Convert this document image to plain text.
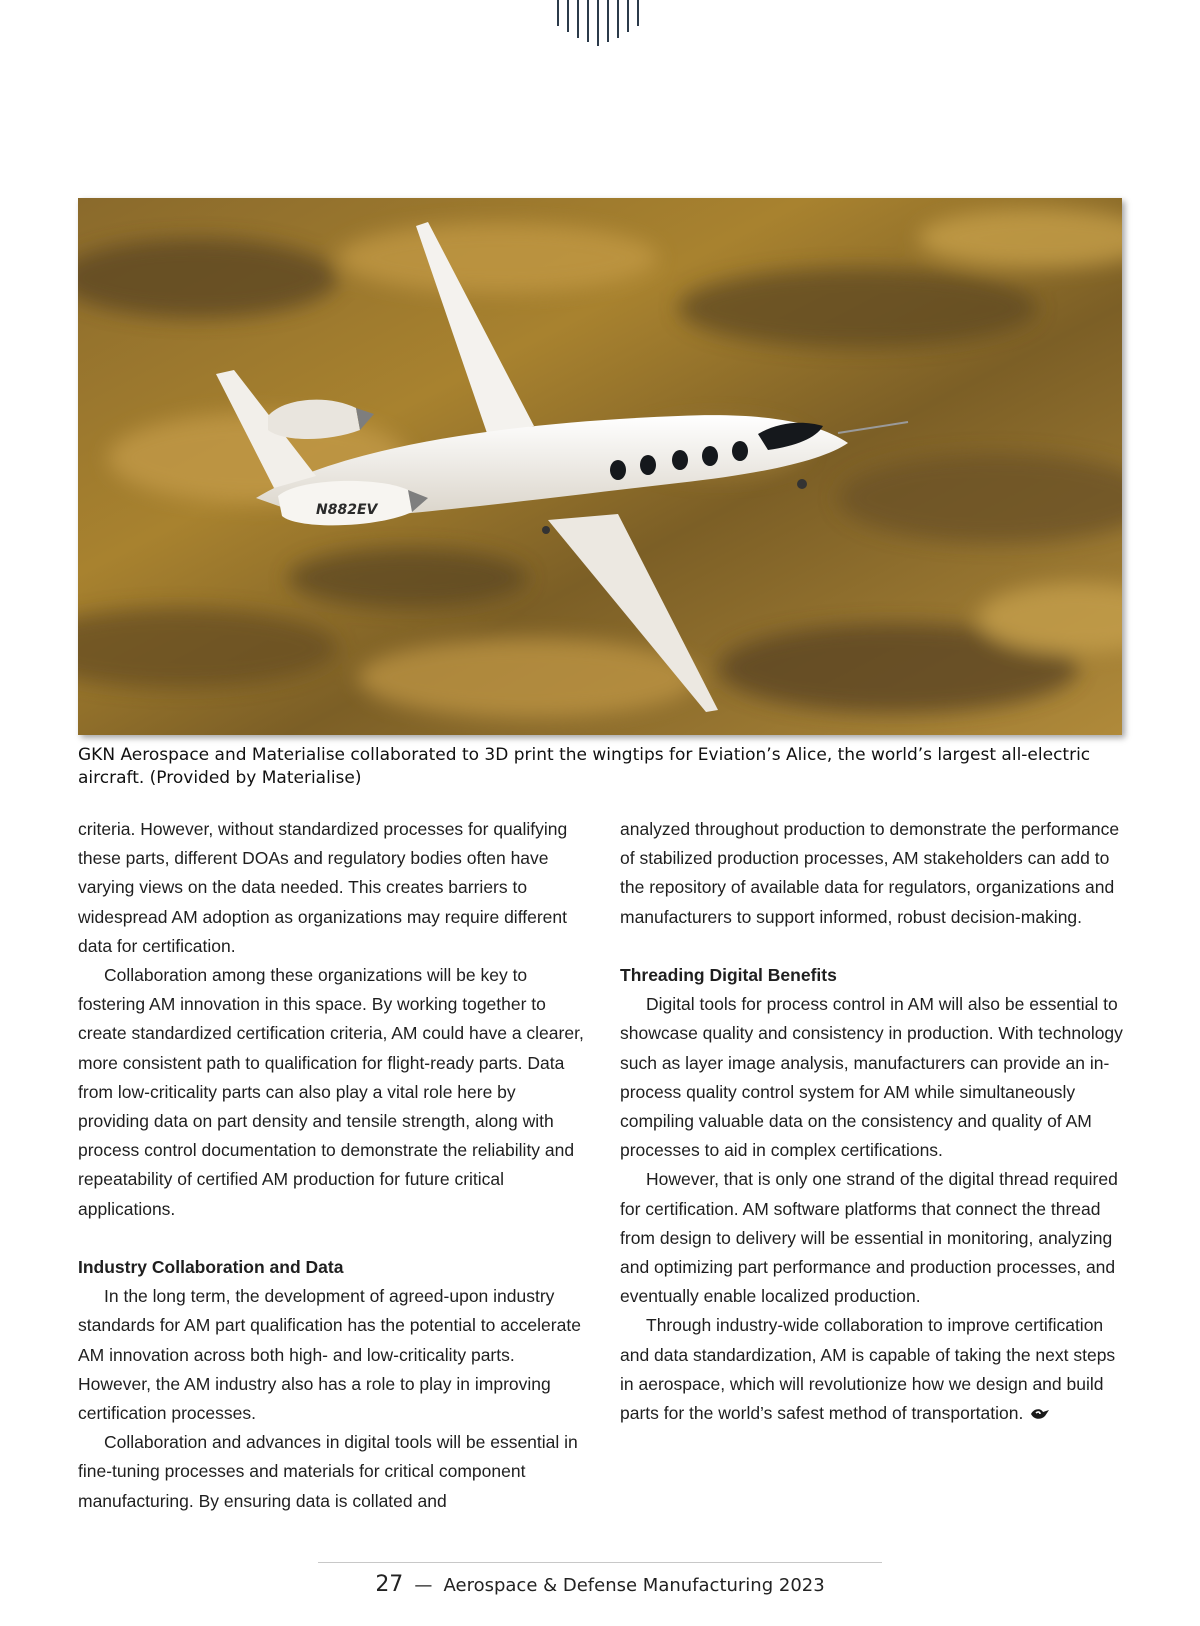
N882EV
GKN Aerospace and Materialise collaborated to 3D print the wingtips for Eviation’s Alice, the world’s largest all-electric aircraft. (Provided by Materialise)

criteria. However, without standardized processes for qualifying these parts, different DOAs and regulatory bodies often have varying views on the data needed. This creates barriers to widespread AM adoption as organizations may require different data for certification.

Collaboration among these organizations will be key to fostering AM innovation in this space. By working together to create standardized certification criteria, AM could have a clearer, more consistent path to qualification for flight-ready parts. Data from low-criticality parts can also play a vital role here by providing data on part density and tensile strength, along with process control documentation to demonstrate the reliability and repeatability of certified AM production for future critical applications.

Industry Collaboration and Data

In the long term, the development of agreed-upon industry standards for AM part qualification has the potential to accelerate AM innovation across both high- and low-criticality parts. However, the AM industry also has a role to play in improving certification processes.

Collaboration and advances in digital tools will be essential in fine-tuning processes and materials for critical component manufacturing. By ensuring data is collated and

analyzed throughout production to demonstrate the performance of stabilized production processes, AM stakeholders can add to the repository of available data for regulators, organizations and manufacturers to support informed, robust decision-making.

Threading Digital Benefits

Digital tools for process control in AM will also be essential to showcase quality and consistency in production. With technology such as layer image analysis, manufacturers can provide an in-process quality control system for AM while simultaneously compiling valuable data on the consistency and quality of AM processes to aid in complex certifications.

However, that is only one strand of the digital thread required for certification. AM software platforms that connect the thread from design to delivery will be essential in monitoring, analyzing and optimizing part performance and production processes, and eventually enable localized production.

Through industry-wide collaboration to improve certification and data standardization, AM is capable of taking the next steps in aerospace, which will revolutionize how we design and build parts for the world’s safest method of transportation.

27 — Aerospace & Defense Manufacturing 2023
